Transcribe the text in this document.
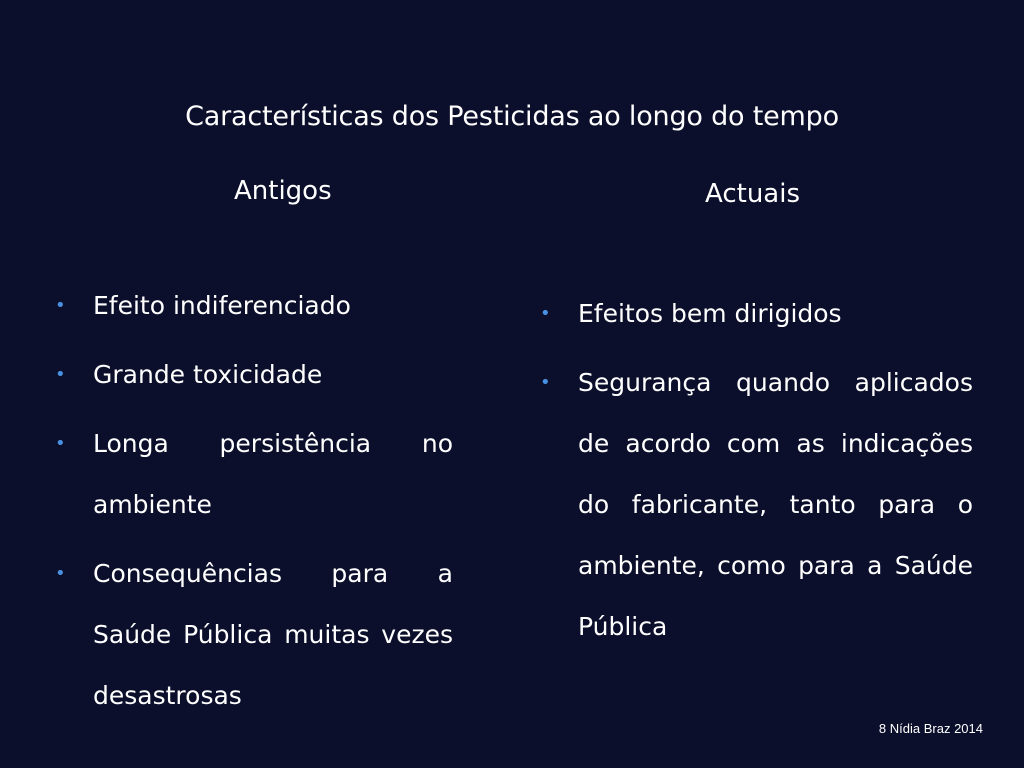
Características dos Pesticidas ao longo do tempo
Antigos	Actuais
• Efeito indiferenciado
• Grande toxicidade
• Longa persistência no ambiente
• Consequências para a Saúde Pública muitas vezes desastrosas
• Efeitos bem dirigidos
• Segurança quando aplicados de acordo com as indicações do fabricante, tanto para o ambiente, como para a Saúde Pública
8 Nídia Braz 2014
